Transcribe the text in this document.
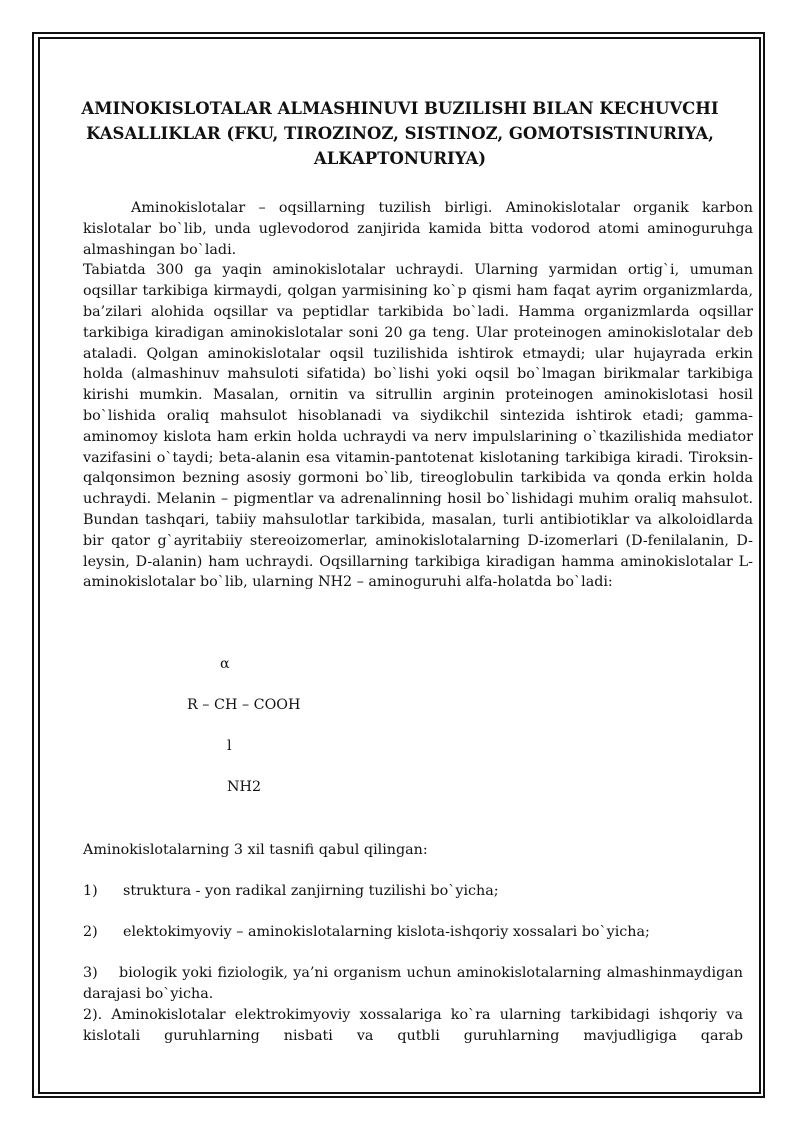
AMINOKISLOTALAR ALMASHINUVI BUZILISHI BILAN KECHUVCHI KASALLIKLAR (FKU, TIROZINOZ, SISTINOZ, GOMOTSISTINURIYA, ALKAPTONURIYA)

Aminokislotalar – oqsillarning tuzilish birligi. Aminokislotalar organik karbon kislotalar bo`lib, unda uglevodorod zanjirida kamida bitta vodorod atomi aminoguruhga almashingan bo`ladi.

Tabiatda 300 ga yaqin aminokislotalar uchraydi. Ularning yarmidan ortig`i, umuman oqsillar tarkibiga kirmaydi, qolgan yarmisining ko`p qismi ham faqat ayrim organizmlarda, ba’zilari alohida oqsillar va peptidlar tarkibida bo`ladi. Hamma organizmlarda oqsillar tarkibiga kiradigan aminokislotalar soni 20 ga teng. Ular proteinogen aminokislotalar deb ataladi. Qolgan aminokislotalar oqsil tuzilishida ishtirok etmaydi; ular hujayrada erkin holda (almashinuv mahsuloti sifatida) bo`lishi yoki oqsil bo`lmagan birikmalar tarkibiga kirishi mumkin. Masalan, ornitin va sitrullin arginin proteinogen aminokislotasi hosil bo`lishida oraliq mahsulot hisoblanadi va siydikchil sintezida ishtirok etadi; gamma-aminomoy kislota ham erkin holda uchraydi va nerv impulslarining o`tkazilishida mediator vazifasini o`taydi; beta-alanin esa vitamin-pantotenat kislotaning tarkibiga kiradi. Tiroksin-qalqonsimon bezning asosiy gormoni bo`lib, tireoglobulin tarkibida va qonda erkin holda uchraydi. Melanin – pigmentlar va adrenalinning hosil bo`lishidagi muhim oraliq mahsulot. Bundan tashqari, tabiiy mahsulotlar tarkibida, masalan, turli antibiotiklar va alkoloidlarda bir qator g`ayritabiiy stereoizomerlar, aminokislotalarning D-izomerlari (D-fenilalanin, D-leysin, D-alanin) ham uchraydi. Oqsillarning tarkibiga kiradigan hamma aminokislotalar L- aminokislotalar bo`lib, ularning NH2 – aminoguruhi alfa-holatda bo`ladi:

α
R – CH – COOH
l
NH2
Aminokislotalarning 3 xil tasnifi qabul qilingan:
1) struktura - yon radikal zanjirning tuzilishi bo`yicha;
2) elektokimyoviy – aminokislotalarning kislota-ishqoriy xossalari bo`yicha;

3) biologik yoki fiziologik, ya’ni organism uchun aminokislotalarning almashinmaydigan darajasi bo`yicha.

2). Aminokislotalar elektrokimyoviy xossalariga ko`ra ularning tarkibidagi ishqoriy va kislotali guruhlarning nisbati va qutbli guruhlarning mavjudligiga qarab
